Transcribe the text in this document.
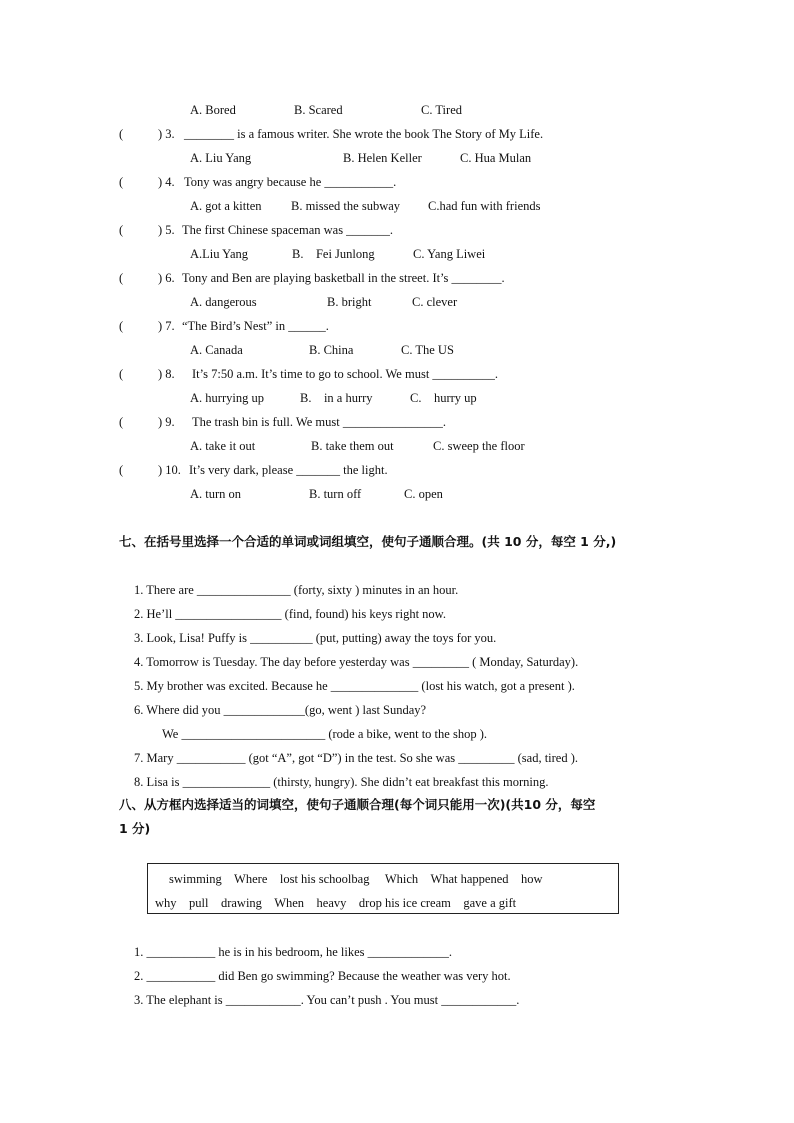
A. Bored	B. Scared	C. Tired
(	) 3. ________ is a famous writer. She wrote the book The Story of My Life.
A. Liu Yang	B. Helen Keller	C. Hua Mulan
(	) 4. Tony was angry because he ___________.
A. got a kitten B. missed the subway C.had fun with friends
(	) 5. The first Chinese spaceman was _______.
A.Liu Yang	B.    Fei Junlong	C. Yang Liwei
(	) 6. Tony and Ben are playing basketball in the street. It’s ________.
A. dangerous	B. bright	C. clever
(	) 7. “The Bird’s Nest” in ______.
A. Canada	B. China	C. The US
(	) 8. It’s 7:50 a.m. It’s time to go to school. We must __________.
A. hurrying up	B.    in a hurry	C.    hurry up
(	) 9. The trash bin is full. We must ________________.
A. take it out	B. take them out	C. sweep the floor
(	) 10. It’s very dark, please _______ the light.
A. turn on	B. turn off	C. open
七、在括号里选择一个合适的单词或词组填空，使句子通顺合理。(共 10 分，每空 1 分,)
1. There are _______________ (forty, sixty ) minutes in an hour.
2. He’ll _________________ (find, found) his keys right now.
3. Look, Lisa! Puffy is __________ (put, putting) away the toys for you.
4. Tomorrow is Tuesday. The day before yesterday was _________ ( Monday, Saturday).
5. My brother was excited. Because he ______________ (lost his watch, got a present ).
6. Where did you _____________(go, went ) last Sunday?
We _______________________ (rode a bike, went to the shop ).
7. Mary ___________ (got “A”, got “D”) in the test. So she was _________ (sad, tired ).
8. Lisa is ______________ (thirsty, hungry). She didn’t eat breakfast this morning.
八、从方框内选择适当的词填空，使句子通顺合理(每个词只能用一次)(共10 分，每空
1 分)
swimming    Where    lost his schoolbag     Which    What happened    how
why    pull    drawing    When    heavy    drop his ice cream    gave a gift
1. ___________ he is in his bedroom, he likes _____________.
2. ___________ did Ben go swimming? Because the weather was very hot.
3. The elephant is ____________. You can’t push . You must ____________.
